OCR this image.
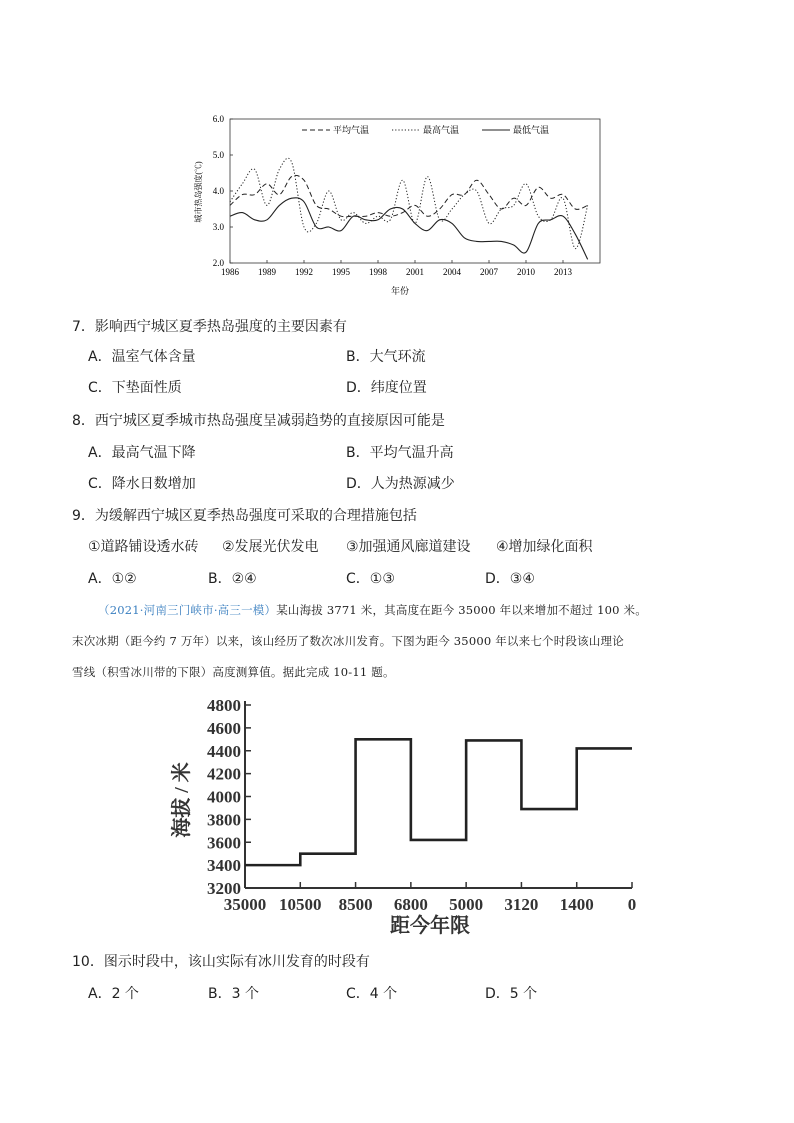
2.0
3.0
4.0
5.0
6.0
1986 1989 1992 1995 1998 2001 2004 2007 2010 2013
城市热岛强度(℃)
年份
平均气温	最高气温	最低气温
7．影响西宁城区夏季热岛强度的主要因素有
A．温室气体含量	B．大气环流
C．下垫面性质	D．纬度位置
8．西宁城区夏季城市热岛强度呈减弱趋势的直接原因可能是
A．最高气温下降	B．平均气温升高
C．降水日数增加	D．人为热源减少
9．为缓解西宁城区夏季热岛强度可采取的合理措施包括
①道路铺设透水砖 ②发展光伏发电 ③加强通风廊道建设 ④增加绿化面积
A．①②	B．②④	C．①③	D．③④
（2021·河南三门峡市·高三一模）某山海拔 3771 米，其高度在距今 35000 年以来增加不超过 100 米。
末次冰期（距今约 7 万年）以来，该山经历了数次冰川发育。下图为距今 35000 年以来七个时段该山理论
雪线（积雪冰川带的下限）高度测算值。据此完成 10-11 题。
4800
4600
4400
4200
4000
3800
3600
3400
3200
35000 10500 8500 6800 5000 3120 1400 0
海拔 / 米
距今年限
10．图示时段中，该山实际有冰川发育的时段有
A．2 个	B．3 个	C．4 个	D．5 个
